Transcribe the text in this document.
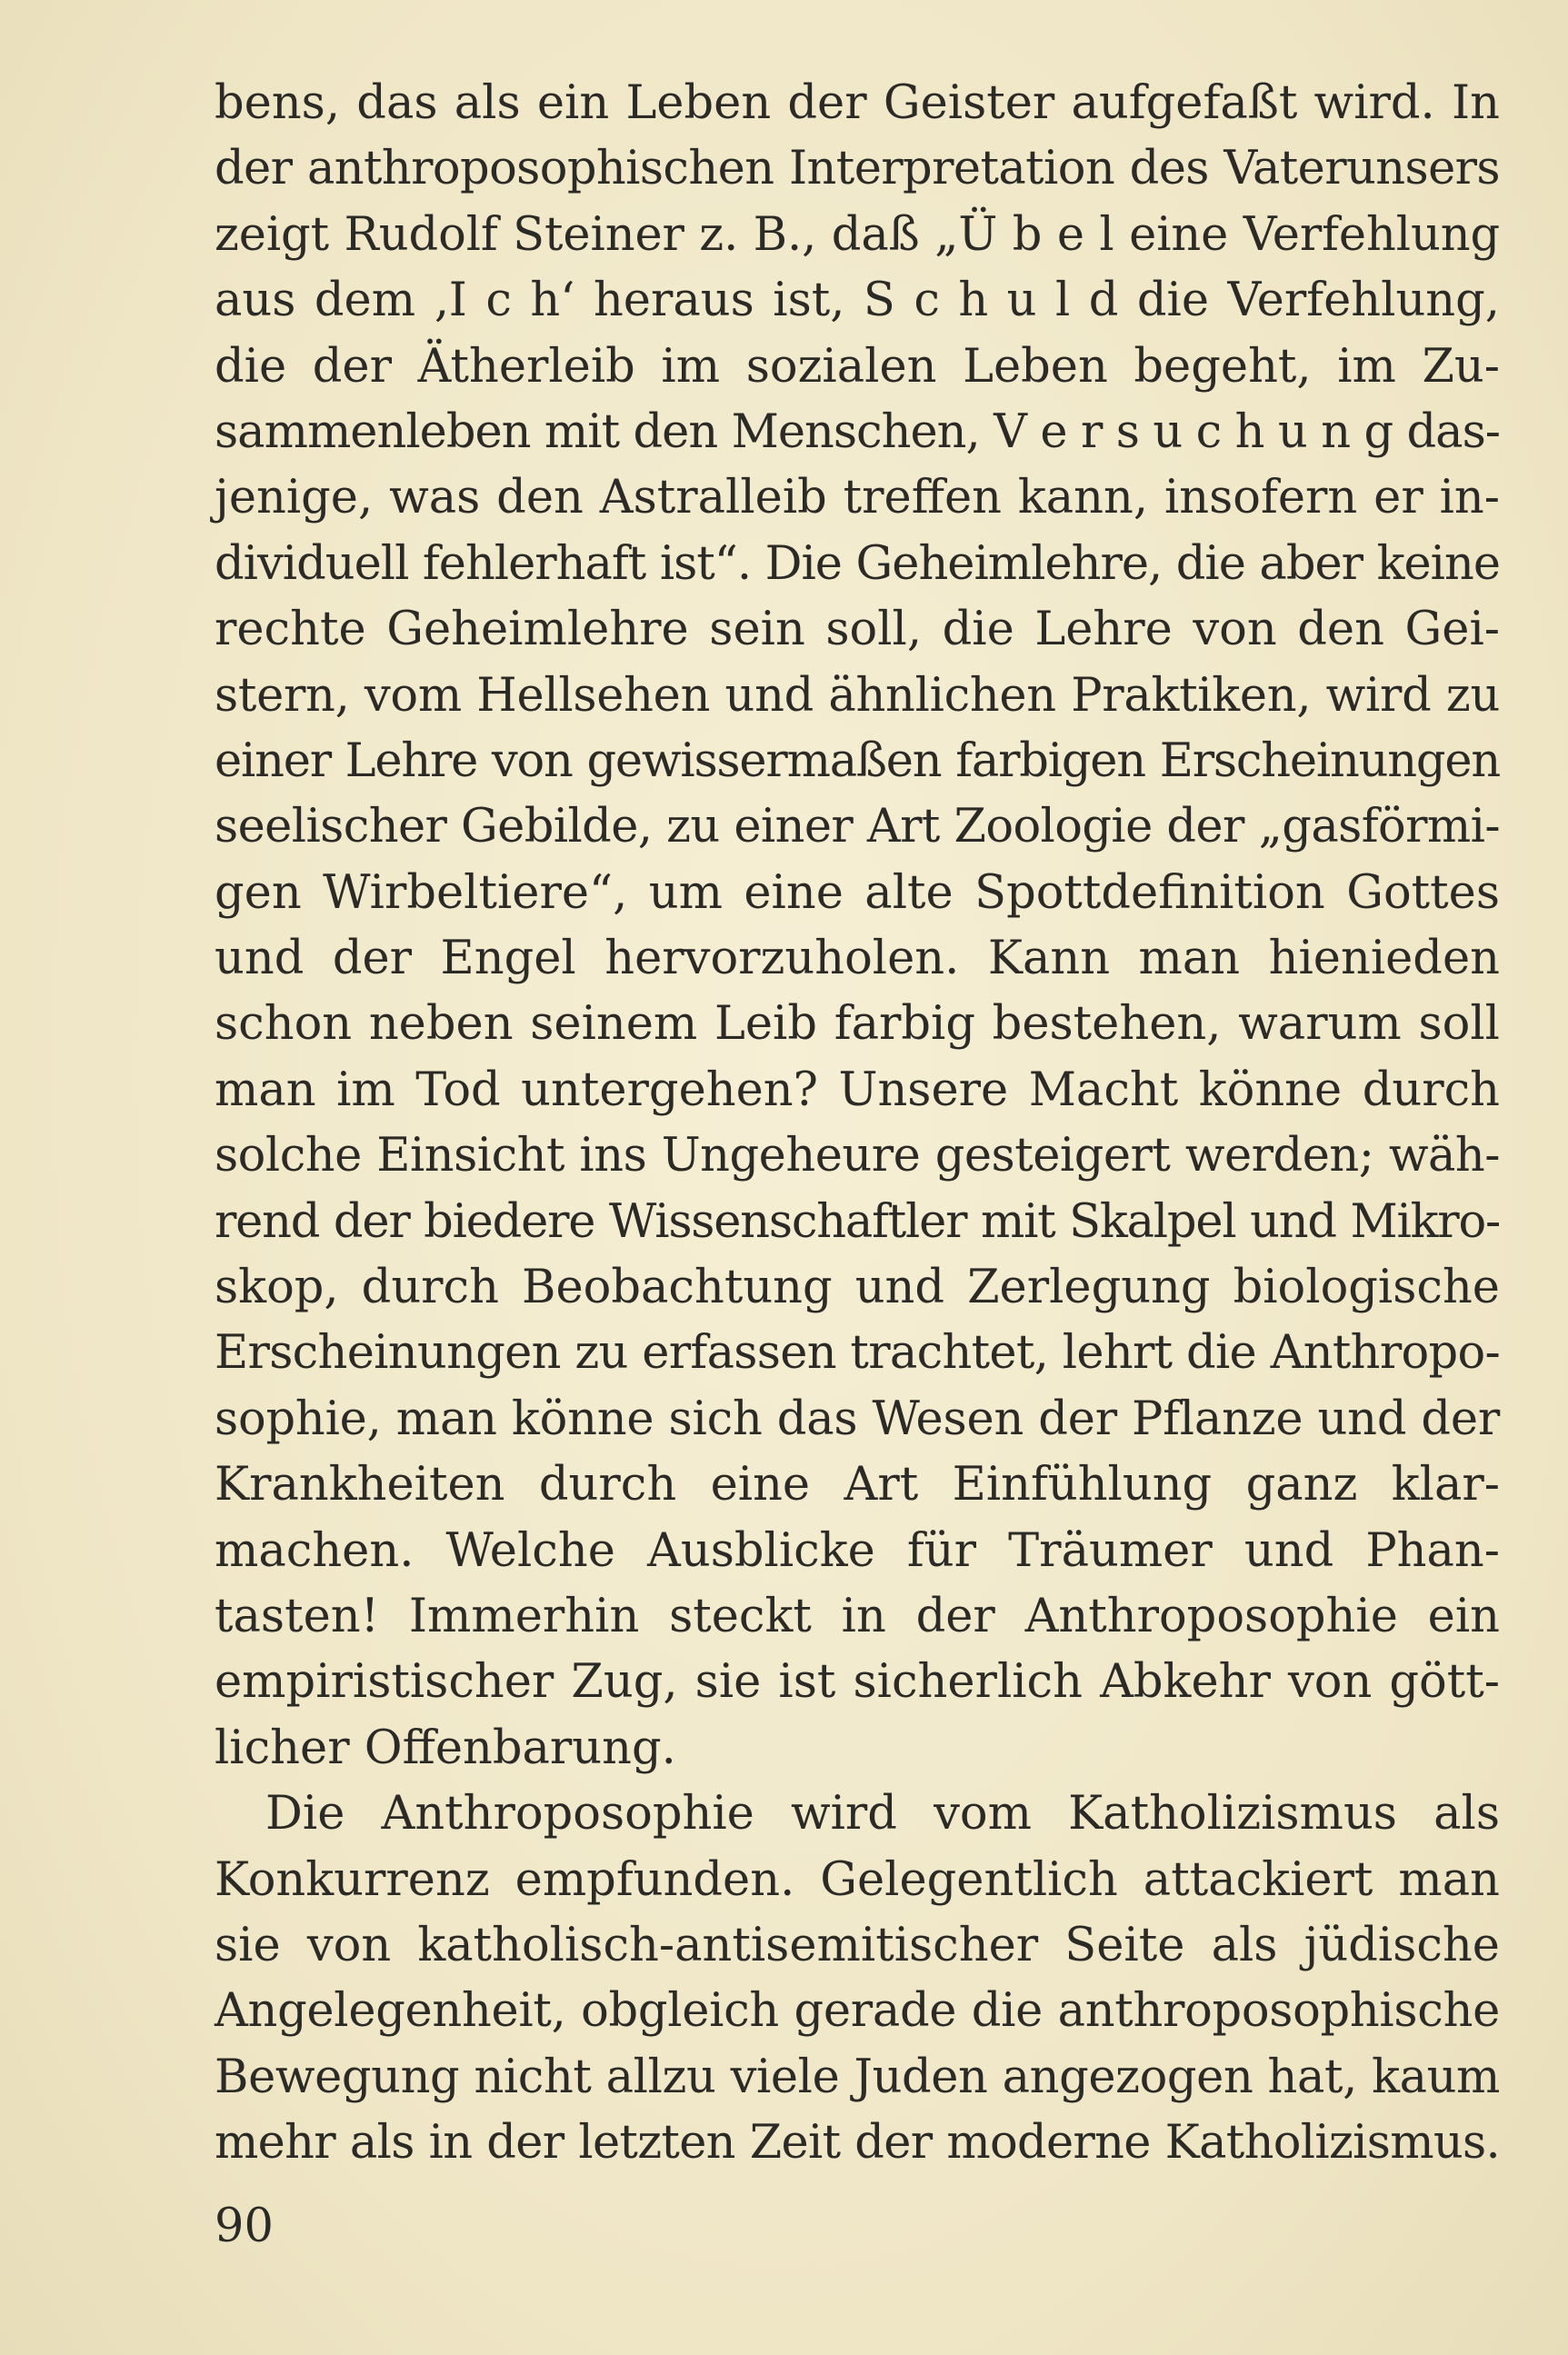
bens, das als ein Leben der Geister aufgefaßt wird. In
der anthroposophischen Interpretation des Vaterunsers
zeigt Rudolf Steiner z. B., daß „Ü b e l eine Verfehlung
aus dem ‚I c h‘ heraus ist, S c h u l d die Verfehlung,
die der Ätherleib im sozialen Leben begeht, im Zu-
sammenleben mit den Menschen, V e r s u c h u n g das-
jenige, was den Astralleib treffen kann, insofern er in-
dividuell fehlerhaft ist“. Die Geheimlehre, die aber keine
rechte Geheimlehre sein soll, die Lehre von den Gei-
stern, vom Hellsehen und ähnlichen Praktiken, wird zu
einer Lehre von gewissermaßen farbigen Erscheinungen
seelischer Gebilde, zu einer Art Zoologie der „gasförmi-
gen Wirbeltiere“, um eine alte Spottdefinition Gottes
und der Engel hervorzuholen. Kann man hienieden
schon neben seinem Leib farbig bestehen, warum soll
man im Tod untergehen? Unsere Macht könne durch
solche Einsicht ins Ungeheure gesteigert werden; wäh-
rend der biedere Wissenschaftler mit Skalpel und Mikro-
skop, durch Beobachtung und Zerlegung biologische
Erscheinungen zu erfassen trachtet, lehrt die Anthropo-
sophie, man könne sich das Wesen der Pflanze und der
Krankheiten durch eine Art Einfühlung ganz klar-
machen. Welche Ausblicke für Träumer und Phan-
tasten! Immerhin steckt in der Anthroposophie ein
empiristischer Zug, sie ist sicherlich Abkehr von gött-
licher Offenbarung.
Die Anthroposophie wird vom Katholizismus als
Konkurrenz empfunden. Gelegentlich attackiert man
sie von katholisch-antisemitischer Seite als jüdische
Angelegenheit, obgleich gerade die anthroposophische
Bewegung nicht allzu viele Juden angezogen hat, kaum
mehr als in der letzten Zeit der moderne Katholizismus.
90
